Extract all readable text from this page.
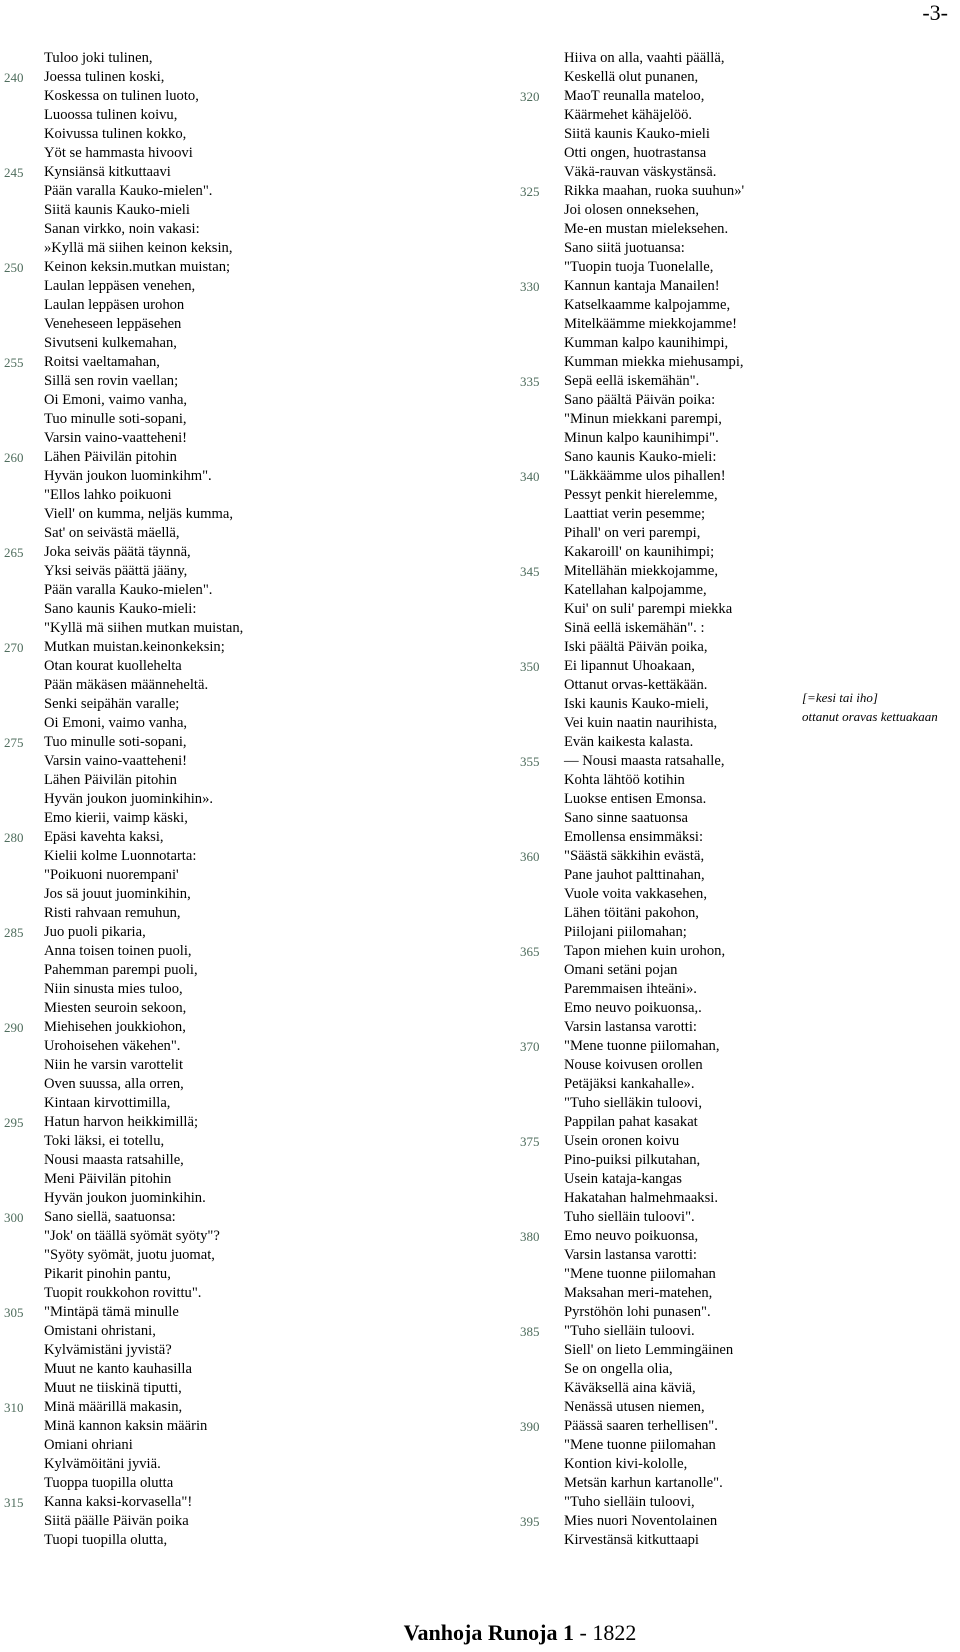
-3-
Tuloo joki tulinen,
240	Joessa tulinen koski,
Koskessa on tulinen luoto,
Luoossa tulinen koivu,
Koivussa tulinen kokko,
Yöt se hammasta hivoovi
245	Kynsiänsä kitkuttaavi
Pään varalla Kauko-mielen".
Siitä kaunis Kauko-mieli
Sanan virkko, noin vakasi:
»Kyllä mä siihen keinon keksin,
250	Keinon keksin.mutkan muistan;
Laulan leppäsen venehen,
Laulan leppäsen urohon
Veneheseen leppäsehen
Sivutseni kulkemahan,
255	Roitsi vaeltamahan,
Sillä sen rovin vaellan;
Oi Emoni, vaimo vanha,
Tuo minulle soti-sopani,
Varsin vaino-vaatteheni!
260	Lähen Päivilän pitohin
Hyvän joukon luominkihm".
"Ellos lahko poikuoni
Viell' on kumma, neljäs kumma,
Sat' on seivästä mäellä,
265	Joka seiväs päätä täynnä,
Yksi seiväs päättä jääny,
Pään varalla Kauko-mielen".
Sano kaunis Kauko-mieli:
"Kyllä mä siihen mutkan muistan,
270	Mutkan muistan.keinonkeksin;
Otan kourat kuollehelta
Pään mäkäsen määnneheltä.
Senki seipähän varalle;
Oi Emoni, vaimo vanha,
275	Tuo minulle soti-sopani,
Varsin vaino-vaatteheni!
Lähen Päivilän pitohin
Hyvän joukon juominkihin».
Emo kierii, vaimp käski,
280	Epäsi kavehta kaksi,
Kielii kolme Luonnotarta:
"Poikuoni nuorempani'
Jos sä jouut juominkihin,
Risti rahvaan remuhun,
285	Juo puoli pikaria,
Anna toisen toinen puoli,
Pahemman parempi puoli,
Niin sinusta mies tuloo,
Miesten seuroin sekoon,
290	Miehisehen joukkiohon,
Urohoisehen väkehen".
Niin he varsin varottelit
Oven suussa, alla orren,
Kintaan kirvottimilla,
295	Hatun harvon heikkimillä;
Toki läksi, ei totellu,
Nousi maasta ratsahille,
Meni Päivilän pitohin
Hyvän joukon juominkihin.
300	Sano siellä, saatuonsa:
"Jok' on täällä syömät syöty"?
"Syöty syömät, juotu juomat,
Pikarit pinohin pantu,
Tuopit roukkohon rovittu".
305	"Mintäpä tämä minulle
Omistani ohristani,
Kylvämistäni jyvistä?
Muut ne kanto kauhasilla
Muut ne tiiskinä tiputti,
310	Minä määrillä makasin,
Minä kannon kaksin määrin
Omiani ohriani
Kylvämöitäni jyviä.
Tuoppa tuopilla olutta
315	Kanna kaksi-korvasella"!
Siitä päälle Päivän poika
Tuopi tuopilla olutta,
Hiiva on alla, vaahti päällä,
Keskellä olut punanen,
320	MaoT reunalla mateloo,
Käärmehet kähäjelöö.
Siitä kaunis Kauko-mieli
Otti ongen, huotrastansa
Väkä-rauvan väskystänsä.
325	Rikka maahan, ruoka suuhun»'
Joi olosen onneksehen,
Me-en mustan mieleksehen.
Sano siitä juotuansa:
"Tuopin tuoja Tuonelalle,
330	Kannun kantaja Manailen!
Katselkaamme kalpojamme,
Mitelkäämme miekkojamme!
Kumman kalpo kaunihimpi,
Kumman miekka miehusampi,
335	Sepä eellä iskemähän".
Sano päältä Päivän poika:
"Minun miekkani parempi,
Minun kalpo kaunihimpi".
Sano kaunis Kauko-mieli:
340	"Läkkäämme ulos pihallen!
Pessyt penkit hierelemme,
Laattiat verin pesemme;
Pihall' on veri parempi,
Kakaroill' on kaunihimpi;
345	Mitellähän miekkojamme,
Katellahan kalpojamme,
Kui' on suli' parempi miekka
Sinä eellä iskemähän". :
Iski päältä Päivän poika,
350	Ei lipannut Uhoakaan,
Ottanut orvas-kettäkään.
Iski kaunis Kauko-mieli,
Vei kuin naatin naurihista,
Evän kaikesta kalasta.
355	— Nousi maasta ratsahalle,
Kohta lähtöö kotihin
Luokse entisen Emonsa.
Sano sinne saatuonsa
Emollensa ensimmäksi:
360	"Säästä säkkihin evästä,
Pane jauhot palttinahan,
Vuole voita vakkasehen,
Lähen töitäni pakohon,
Piilojani piilomahan;
365	Tapon miehen kuin urohon,
Omani setäni pojan
Paremmaisen ihteäni».
Emo neuvo poikuonsa,.
Varsin lastansa varotti:
370	"Mene tuonne piilomahan,
Nouse koivusen orollen
Petäjäksi kankahalle».
"Tuho sielläkin tuloovi,
Pappilan pahat kasakat
375	Usein oronen koivu
Pino-puiksi pilkutahan,
Usein kataja-kangas
Hakatahan halmehmaaksi.
Tuho sielläin tuloovi".
380	Emo neuvo poikuonsa,
Varsin lastansa varotti:
"Mene tuonne piilomahan
Maksahan meri-matehen,
Pyrstöhön lohi punasen".
385	"Tuho sielläin tuloovi.
Siell' on lieto Lemmingäinen
Se on ongella olia,
Käväksellä aina käviä,
Nenässä utusen niemen,
390	Päässä saaren terhellisen".
"Mene tuonne piilomahan
Kontion kivi-kololle,
Metsän karhun kartanolle".
"Tuho sielläin tuloovi,
395	Mies nuori Noventolainen
Kirvestänsä kitkuttaapi
[=kesi tai iho]
ottanut oravas kettuakaan
Vanhoja Runoja 1 - 1822
